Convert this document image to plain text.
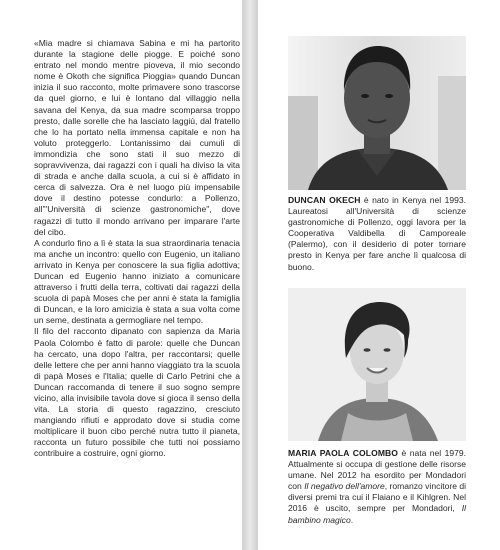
«Mia madre si chiamava Sabina e mi ha partorito durante la stagione delle piogge. E poiché sono entrato nel mondo mentre pioveva, il mio secondo nome è Okoth che significa Pioggia» quando Duncan inizia il suo racconto, molte primavere sono trascorse da quel giorno, e lui è lontano dal villaggio nella savana del Kenya, da sua madre scomparsa troppo presto, dalle sorelle che ha lasciato laggiù, dal fratello che lo ha portato nella immensa capitale e non ha voluto proteggerlo. Lontanissimo dai cumuli di immondizia che sono stati il suo mezzo di sopravvivenza, dai ragazzi con i quali ha diviso la vita di strada e anche dalla scuola, a cui si è affidato in cerca di salvezza. Ora è nel luogo più impensabile dove il destino potesse condurlo: a Pollenzo, all'"Università di scienze gastronomiche", dove ragazzi di tutto il mondo arrivano per imparare l'arte del cibo.

A condurlo fino a lì è stata la sua straordinaria tenacia ma anche un incontro: quello con Eugenio, un italiano arrivato in Kenya per conoscere la sua figlia adottiva; Duncan ed Eugenio hanno iniziato a comunicare attraverso i frutti della terra, coltivati dai ragazzi della scuola di papà Moses che per anni è stata la famiglia di Duncan, e la loro amicizia è stata a sua volta come un seme, destinata a germogliare nel tempo.

Il filo del racconto dipanato con sapienza da Maria Paola Colombo è fatto di parole: quelle che Duncan ha cercato, una dopo l'altra, per raccontarsi; quelle delle lettere che per anni hanno viaggiato tra la scuola di papà Moses e l'Italia; quelle di Carlo Petrini che a Duncan raccomanda di tenere il suo sogno sempre vicino, alla invisibile tavola dove si gioca il senso della vita. La storia di questo ragazzino, cresciuto mangiando rifiuti e approdato dove si studia come moltiplicare il buon cibo perché nutra tutto il pianeta, racconta un futuro possibile che tutti noi possiamo contribuire a costruire, ogni giorno.

DUNCAN OKECH è nato in Kenya nel 1993. Laureatosi all'Università di scienze gastronomiche di Pollenzo, oggi lavora per la Cooperativa Valdibella di Camporeale (Palermo), con il desiderio di poter tornare presto in Kenya per fare anche lì qualcosa di buono.
MARIA PAOLA COLOMBO è nata nel 1979. Attualmente si occupa di gestione delle risorse umane. Nel 2012 ha esordito per Mondadori con Il negativo dell'amore, romanzo vincitore di diversi premi tra cui il Flaiano e il Kihlgren. Nel 2016 è uscito, sempre per Mondadori, Il bambino magico.
